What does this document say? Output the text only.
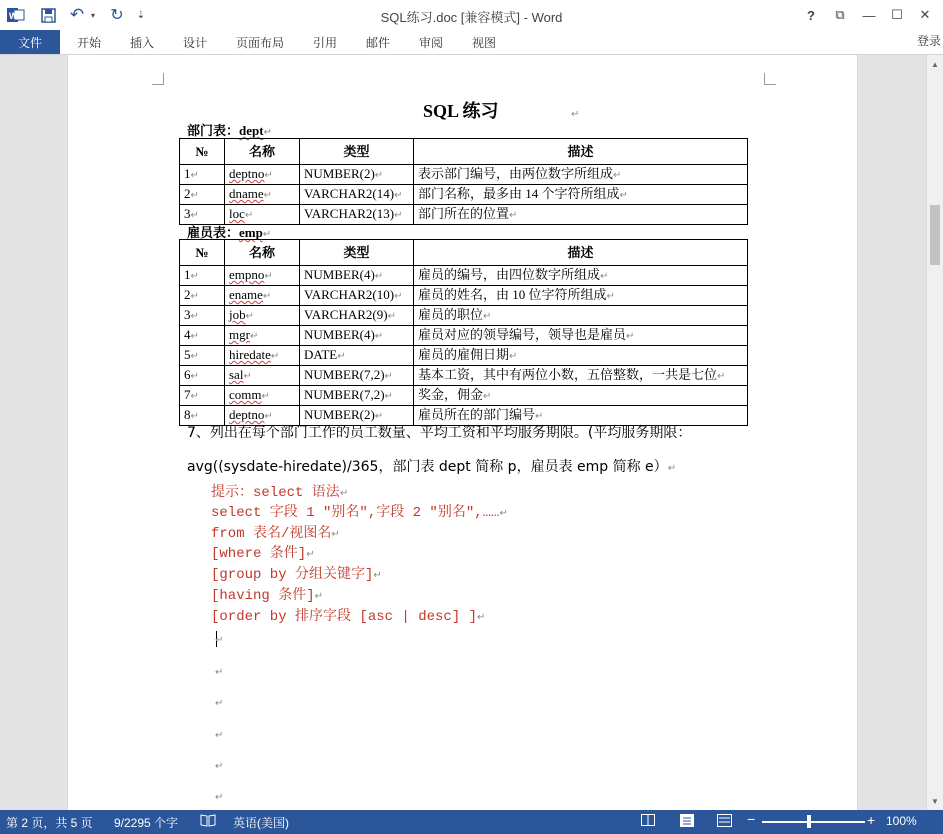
W	↶ ▾ ↻ ⇣	SQL练习.doc [兼容模式] - Word	?	⧉	—	☐	✕
文件	开始 插入 设计 页面布局 引用 邮件 审阅 视图	登录
SQL 练习	↵
部门表：dept↵
№	名称	类型	描述
1↵	deptno↵	NUMBER(2)↵	表示部门编号，由两位数字所组成↵
2↵	dname↵	VARCHAR2(14)↵	部门名称，最多由 14 个字符所组成↵
3↵	loc↵	VARCHAR2(13)↵	部门所在的位置↵
雇员表：emp↵
№	名称	类型	描述
1↵	empno↵	NUMBER(4)↵	雇员的编号，由四位数字所组成↵
2↵	ename↵	VARCHAR2(10)↵	雇员的姓名，由 10 位字符所组成↵
3↵	job↵	VARCHAR2(9)↵	雇员的职位↵
4↵	mgr↵	NUMBER(4)↵	雇员对应的领导编号，领导也是雇员↵
5↵	hiredate↵	DATE↵	雇员的雇佣日期↵
6↵	sal↵	NUMBER(7,2)↵	基本工资，其中有两位小数，五倍整数，一共是七位↵
7↵	comm↵	NUMBER(7,2)↵	奖金，佣金↵
8↵	deptno↵	NUMBER(2)↵	雇员所在的部门编号↵
7、列出在每个部门工作的员工数量、平均工资和平均服务期限。(平均服务期限：
avg((sysdate-hiredate)/365，部门表 dept 简称 p，雇员表 emp 简称 e）↵
提示：select 语法↵
select 字段 1 "别名",字段 2 "别名",……↵
from 表名/视图名↵
[where 条件]↵
[group by 分组关键字]↵
[having 条件]↵
[order by 排序字段 [asc | desc] ]↵
↵
↵
↵
↵
↵
↵
▲
▼
第 2 页，共 5 页 9/2295 个字	英语(美国)	−	+ 100%
